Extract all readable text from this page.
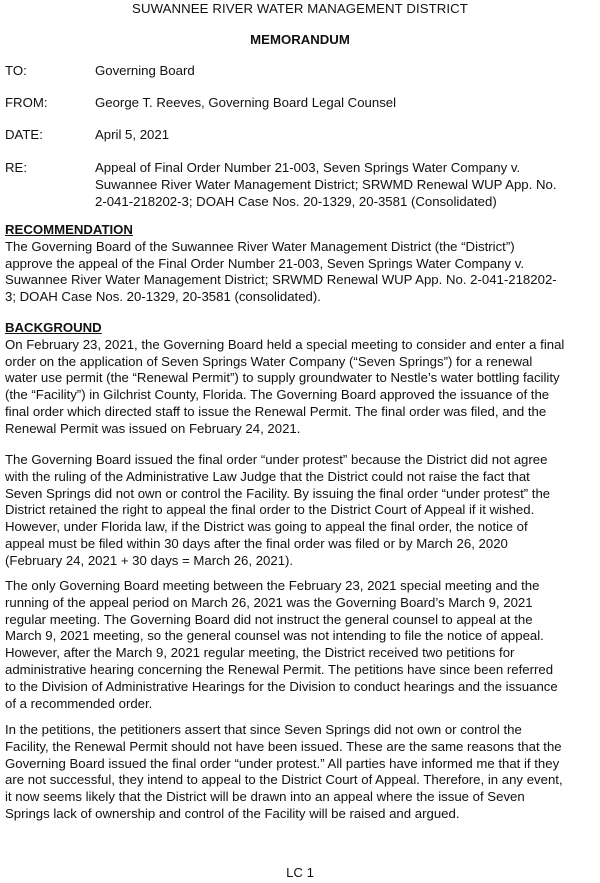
SUWANNEE RIVER WATER MANAGEMENT DISTRICT
MEMORANDUM
TO:	Governing Board
FROM:	George T. Reeves, Governing Board Legal Counsel
DATE:	April 5, 2021
RE:	Appeal of Final Order Number 21-003, Seven Springs Water Company v.
Suwannee River Water Management District; SRWMD Renewal WUP App. No.
2-041-218202-3; DOAH Case Nos. 20-1329, 20-3581 (Consolidated)
RECOMMENDATION
The Governing Board of the Suwannee River Water Management District (the “District”)
approve the appeal of the Final Order Number 21-003, Seven Springs Water Company v.
Suwannee River Water Management District; SRWMD Renewal WUP App. No. 2-041-218202-
3; DOAH Case Nos. 20-1329, 20-3581 (consolidated).
BACKGROUND
On February 23, 2021, the Governing Board held a special meeting to consider and enter a final
order on the application of Seven Springs Water Company (“Seven Springs”) for a renewal
water use permit (the “Renewal Permit”) to supply groundwater to Nestle’s water bottling facility
(the “Facility”) in Gilchrist County, Florida. The Governing Board approved the issuance of the
final order which directed staff to issue the Renewal Permit. The final order was filed, and the
Renewal Permit was issued on February 24, 2021.
The Governing Board issued the final order “under protest” because the District did not agree
with the ruling of the Administrative Law Judge that the District could not raise the fact that
Seven Springs did not own or control the Facility. By issuing the final order “under protest” the
District retained the right to appeal the final order to the District Court of Appeal if it wished.
However, under Florida law, if the District was going to appeal the final order, the notice of
appeal must be filed within 30 days after the final order was filed or by March 26, 2020
(February 24, 2021 + 30 days = March 26, 2021).
The only Governing Board meeting between the February 23, 2021 special meeting and the
running of the appeal period on March 26, 2021 was the Governing Board’s March 9, 2021
regular meeting. The Governing Board did not instruct the general counsel to appeal at the
March 9, 2021 meeting, so the general counsel was not intending to file the notice of appeal.
However, after the March 9, 2021 regular meeting, the District received two petitions for
administrative hearing concerning the Renewal Permit. The petitions have since been referred
to the Division of Administrative Hearings for the Division to conduct hearings and the issuance
of a recommended order.
In the petitions, the petitioners assert that since Seven Springs did not own or control the
Facility, the Renewal Permit should not have been issued. These are the same reasons that the
Governing Board issued the final order “under protest.” All parties have informed me that if they
are not successful, they intend to appeal to the District Court of Appeal. Therefore, in any event,
it now seems likely that the District will be drawn into an appeal where the issue of Seven
Springs lack of ownership and control of the Facility will be raised and argued.
LC 1
